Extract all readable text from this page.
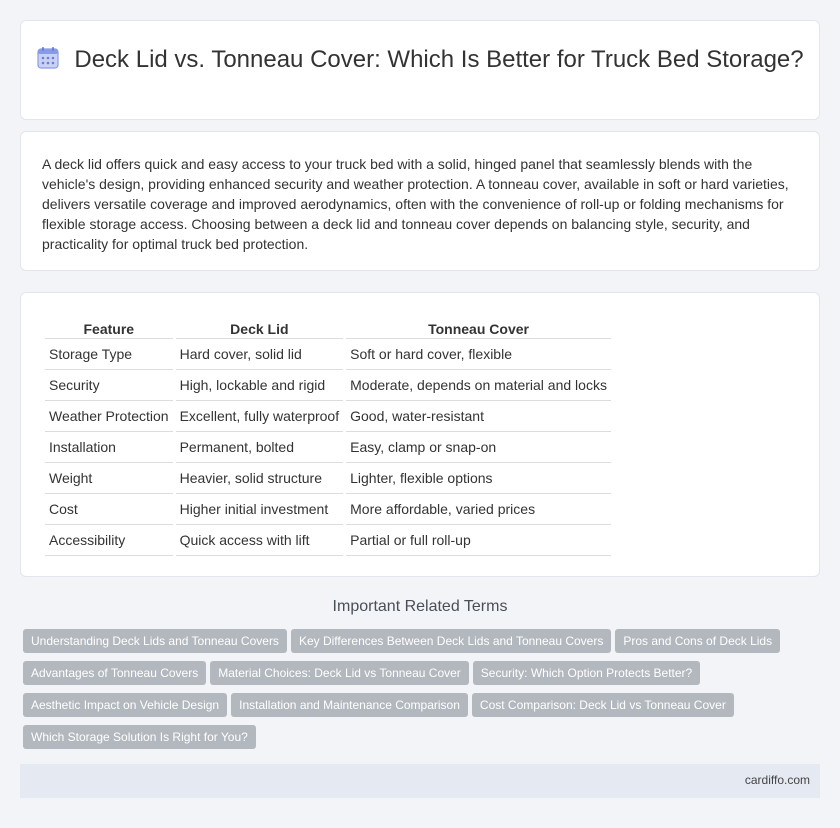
Deck Lid vs. Tonneau Cover: Which Is Better for Truck Bed Storage?

A deck lid offers quick and easy access to your truck bed with a solid, hinged panel that seamlessly blends with the vehicle's design, providing enhanced security and weather protection. A tonneau cover, available in soft or hard varieties, delivers versatile coverage and improved aerodynamics, often with the convenience of roll-up or folding mechanisms for flexible storage access. Choosing between a deck lid and tonneau cover depends on balancing style, security, and practicality for optimal truck bed protection.

Feature	Deck Lid	Tonneau Cover
Storage Type	Hard cover, solid lid	Soft or hard cover, flexible
Security	High, lockable and rigid	Moderate, depends on material and locks
Weather Protection	Excellent, fully waterproof	Good, water-resistant
Installation	Permanent, bolted	Easy, clamp or snap-on
Weight	Heavier, solid structure	Lighter, flexible options
Cost	Higher initial investment	More affordable, varied prices
Accessibility	Quick access with lift	Partial or full roll-up
Important Related Terms
Understanding Deck Lids and Tonneau Covers Key Differences Between Deck Lids and Tonneau Covers Pros and Cons of Deck Lids
Advantages of Tonneau Covers Material Choices: Deck Lid vs Tonneau Cover Security: Which Option Protects Better?
Aesthetic Impact on Vehicle Design Installation and Maintenance Comparison Cost Comparison: Deck Lid vs Tonneau Cover
Which Storage Solution Is Right for You?
cardiffo.com
